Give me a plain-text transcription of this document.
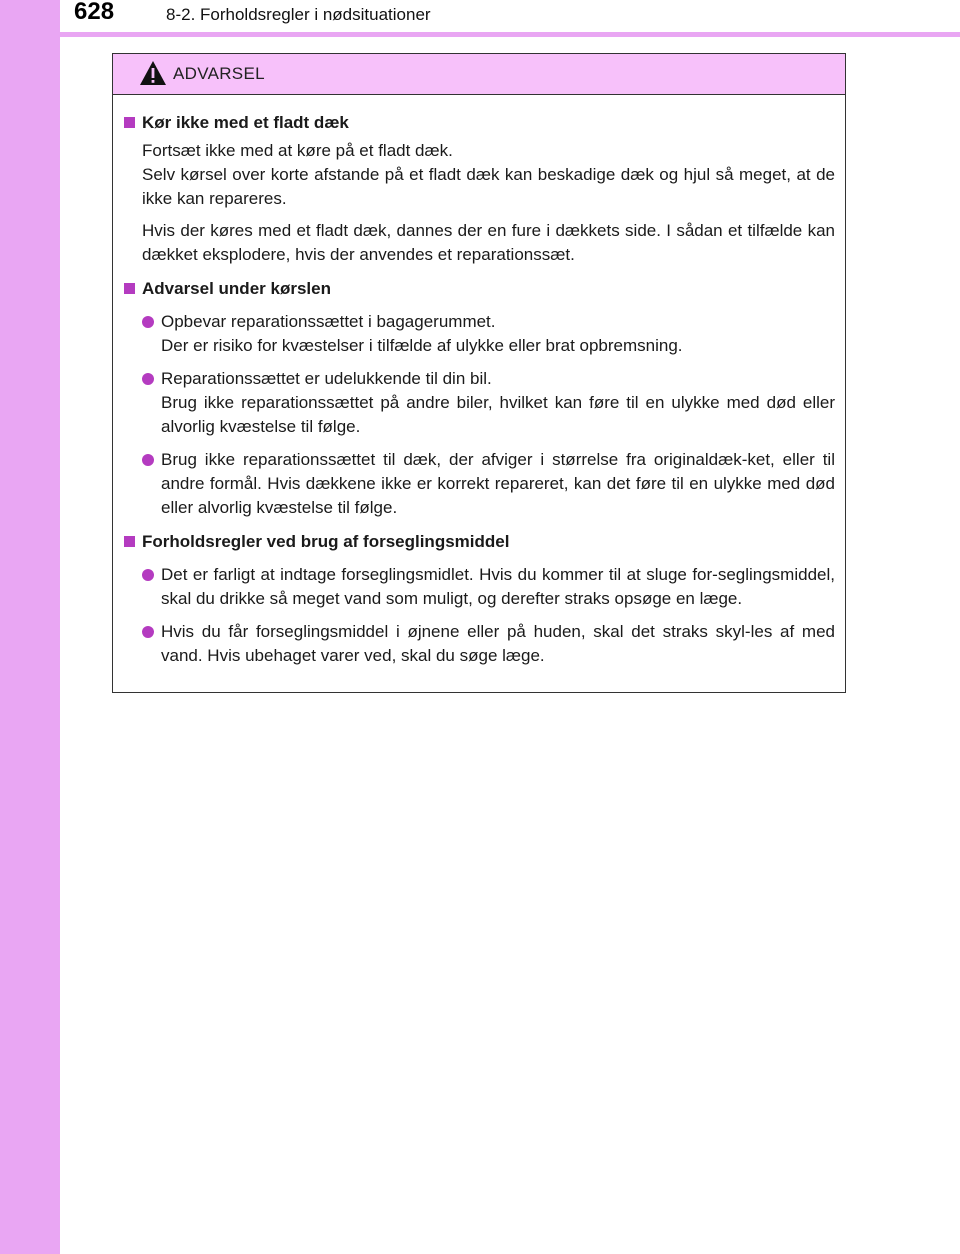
628	8-2. Forholdsregler i nødsituationer
ADVARSEL
Kør ikke med et fladt dæk
Fortsæt ikke med at køre på et fladt dæk.
Selv kørsel over korte afstande på et fladt dæk kan beskadige dæk og hjul så meget, at de ikke kan repareres.
Hvis der køres med et fladt dæk, dannes der en fure i dækkets side. I sådan et tilfælde kan dækket eksplodere, hvis der anvendes et reparationssæt.
Advarsel under kørslen
Opbevar reparationssættet i bagagerummet.
Der er risiko for kvæstelser i tilfælde af ulykke eller brat opbremsning.
Reparationssættet er udelukkende til din bil.
Brug ikke reparationssættet på andre biler, hvilket kan føre til en ulykke med død eller alvorlig kvæstelse til følge.
Brug ikke reparationssættet til dæk, der afviger i størrelse fra originaldæk-ket, eller til andre formål. Hvis dækkene ikke er korrekt repareret, kan det føre til en ulykke med død eller alvorlig kvæstelse til følge.
Forholdsregler ved brug af forseglingsmiddel
Det er farligt at indtage forseglingsmidlet. Hvis du kommer til at sluge for-seglingsmiddel, skal du drikke så meget vand som muligt, og derefter straks opsøge en læge.
Hvis du får forseglingsmiddel i øjnene eller på huden, skal det straks skyl-les af med vand. Hvis ubehaget varer ved, skal du søge læge.
